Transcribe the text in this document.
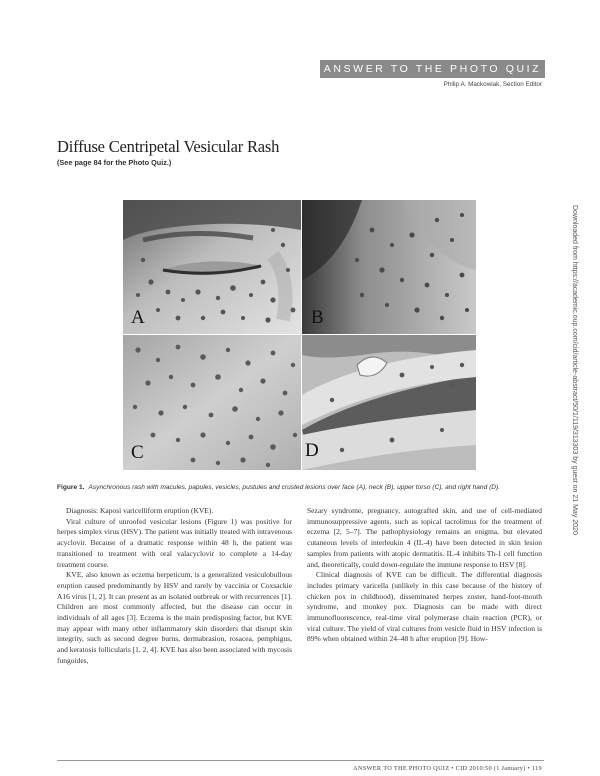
ANSWER TO THE PHOTO QUIZ
Philip A. Mackowiak, Section Editor
Diffuse Centripetal Vesicular Rash
(See page 84 for the Photo Quiz.)
A	B
C	D
Figure 1. Asynchronous rash with macules, papules, vesicles, pustules and crusted lesions over face (A), neck (B), upper torso (C), and right hand (D).

Diagnosis: Kaposi varicelliform eruption (KVE).

Viral culture of unroofed vesicular lesions (Figure 1) was positive for herpes simplex virus (HSV). The patient was initially treated with intravenous acyclovir. Because of a dramatic response within 48 h, the patient was transitioned to treatment with oral valacyclovir to complete a 14-day treatment course.

KVE, also known as eczema herpeticum, is a generalized vesiculobullous eruption caused predominantly by HSV and rarely by vaccinia or Coxsackie A16 virus [1, 2]. It can present as an isolated outbreak or with recurrences [1]. Children are most commonly affected, but the disease can occur in individuals of all ages [3]. Eczema is the main predisposing factor, but KVE may appear with many other inflammatory skin disorders that disrupt skin integrity, such as second degree burns, dermabrasion, rosacea, pemphigus, and keratosis follicularis [1, 2, 4]. KVE has also been associated with mycosis fungoides,

Sezary syndrome, pregnancy, autografted skin, and use of cell-mediated immunosuppressive agents, such as topical tacrolimus for the treatment of eczema [2, 5–7]. The pathophysiology remains an enigma, but elevated cutaneous levels of interleukin 4 (IL-4) have been detected in skin lesion samples from patients with atopic dermatitis. IL-4 inhibits Th-1 cell function and, theoretically, could down-regulate the immune response to HSV [8].

Clinical diagnosis of KVE can be difficult. The differential diagnosis includes primary varicella (unlikely in this case because of the history of chicken pox in childhood), disseminated herpes zoster, hand-foot-mouth syndrome, and monkey pox. Diagnosis can be made with direct immunofluorescence, real-time viral polymerase chain reaction (PCR), or viral culture. The yield of viral cultures from vesicle fluid in HSV infection is 89% when obtained within 24–48 h after eruption [9]. How-

ANSWER TO THE PHOTO QUIZ • CID 2010:50 (1 January) • 119
Downloaded from https://academic.oup.com/cid/article-abstract/50/1/119/313303 by guest on 21 May 2020
